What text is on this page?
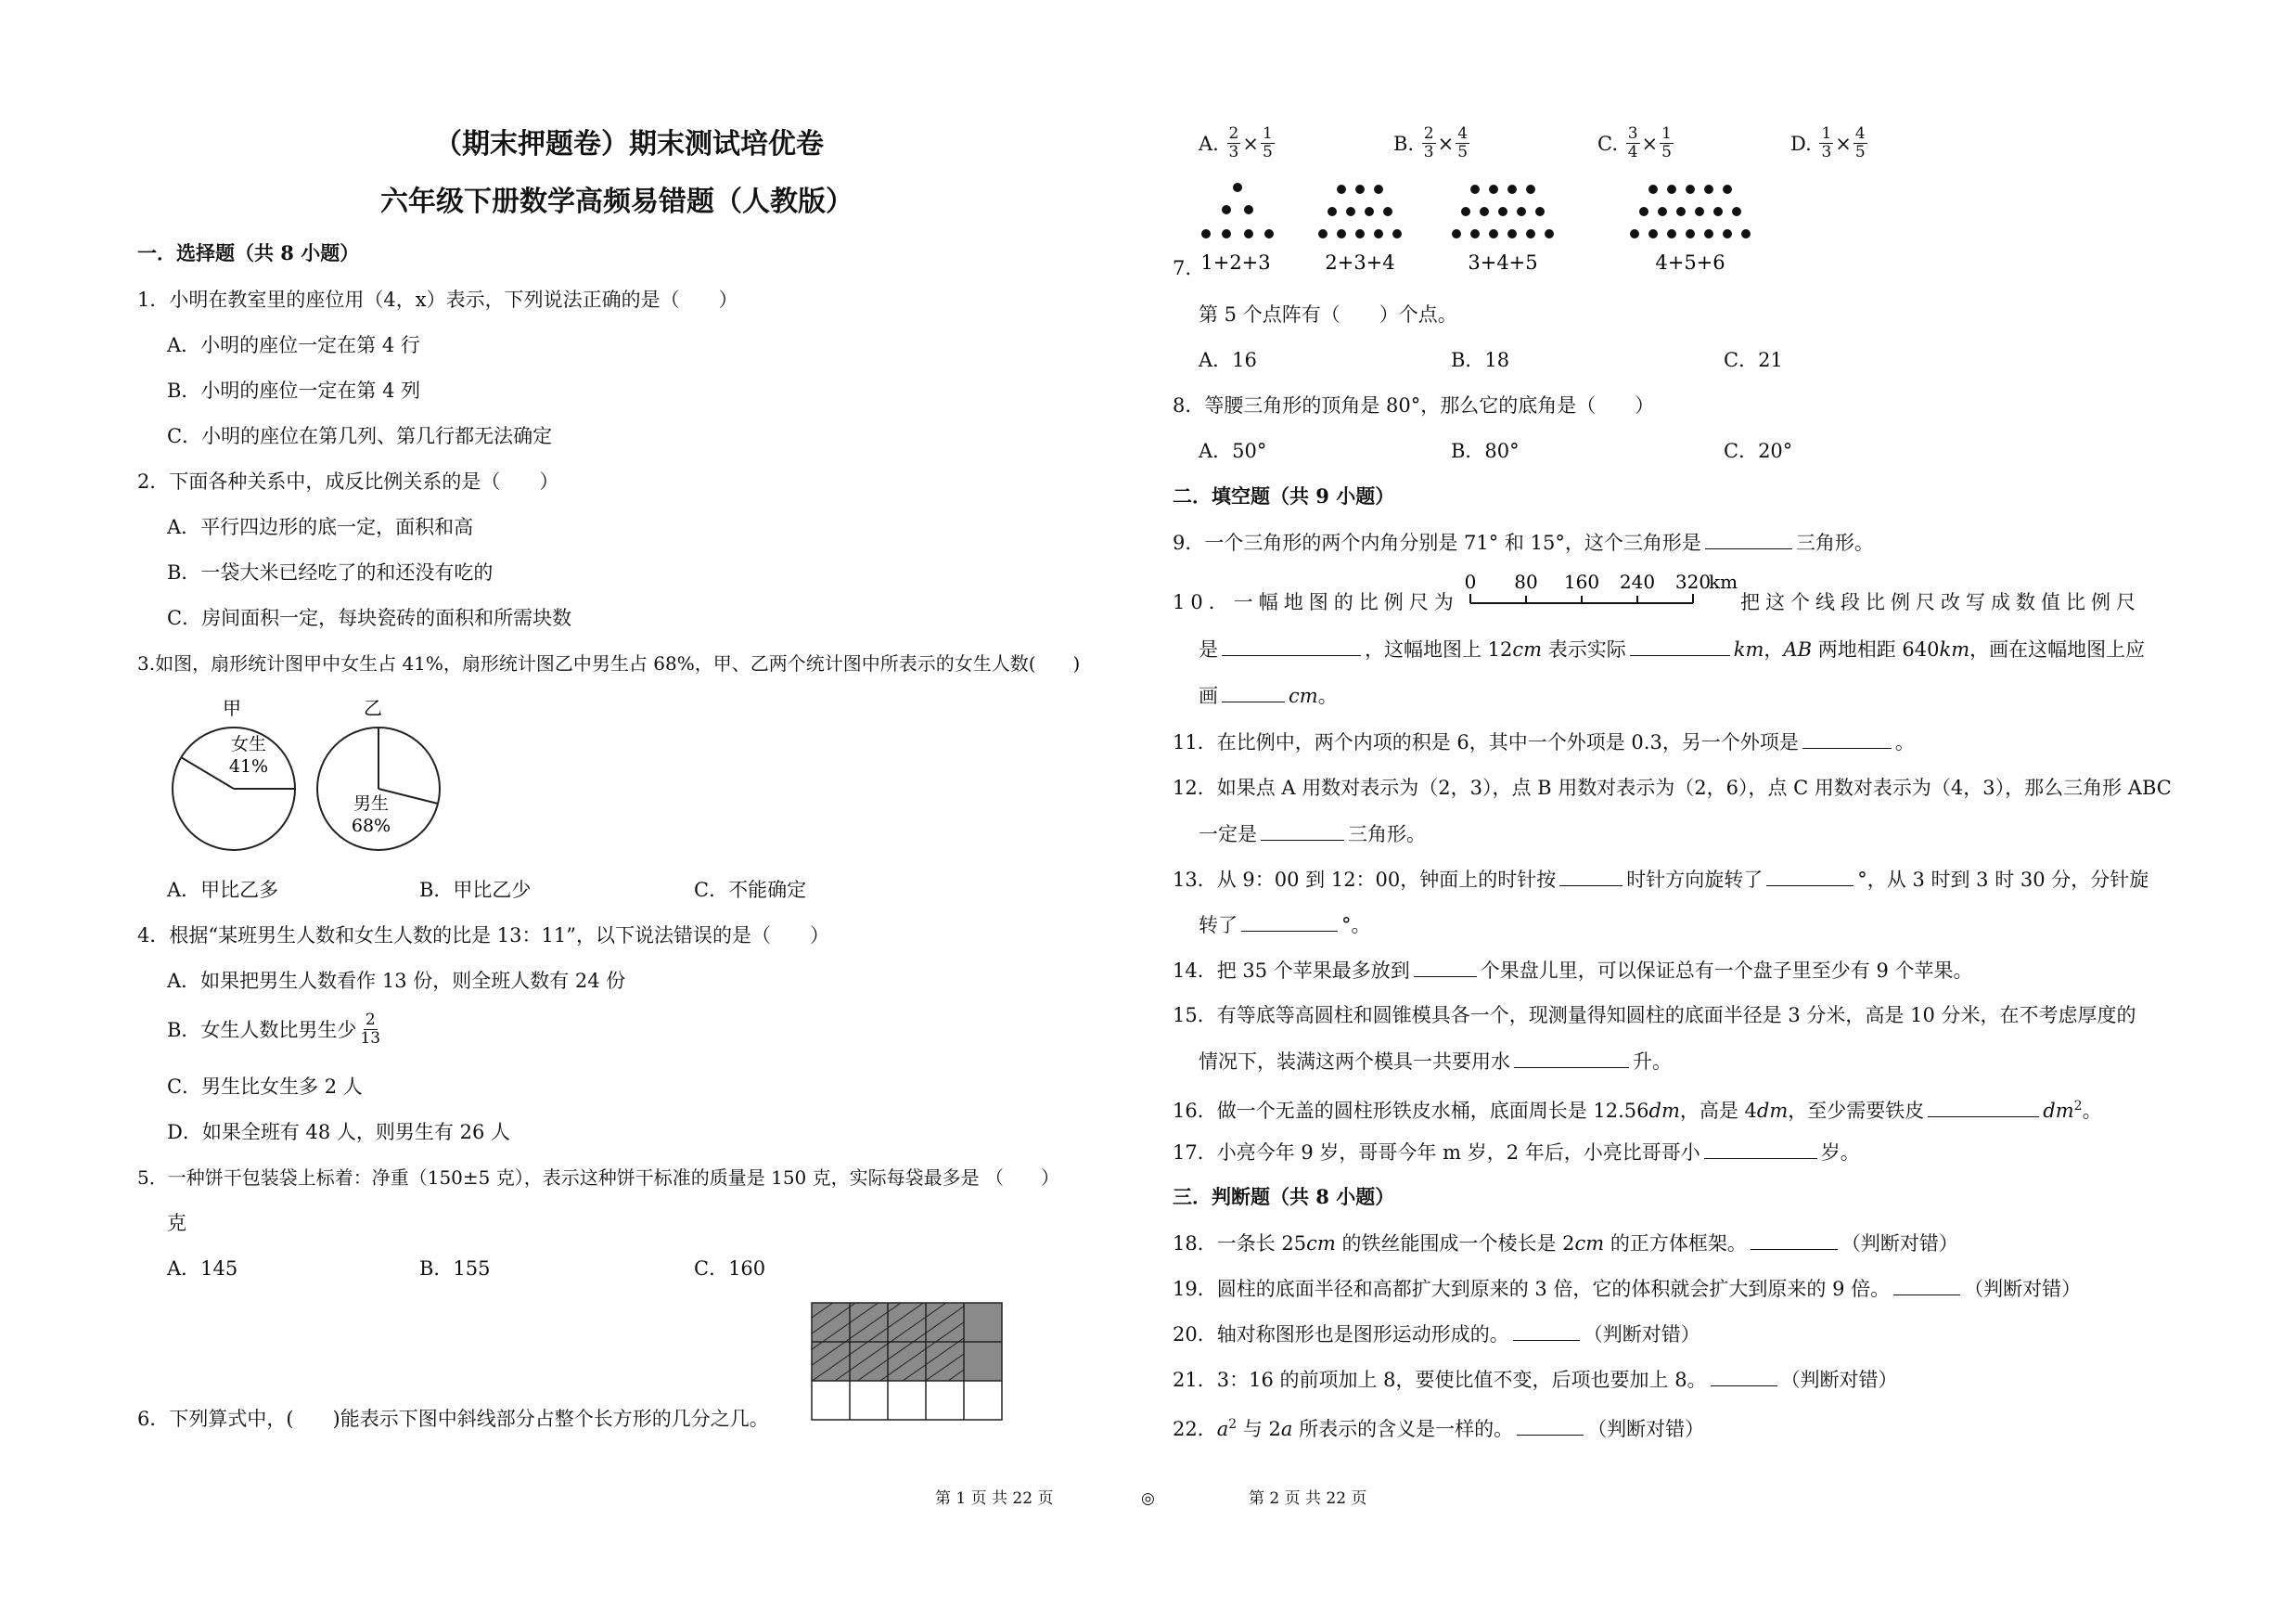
（期末押题卷）期末测试培优卷
六年级下册数学高频易错题（人教版）
一．选择题（共 8 小题）
1．小明在教室里的座位用（4，x）表示，下列说法正确的是（　　）
A．小明的座位一定在第 4 行
B．小明的座位一定在第 4 列
C．小明的座位在第几列、第几行都无法确定
2．下面各种关系中，成反比例关系的是（　　）
A．平行四边形的底一定，面积和高
B．一袋大米已经吃了的和还没有吃的
C．房间面积一定，每块瓷砖的面积和所需块数
3.如图，扇形统计图甲中女生占 41%，扇形统计图乙中男生占 68%，甲、乙两个统计图中所表示的女生人数(　　)
甲	乙
女生
41%
男生
68%
A．甲比乙多	B．甲比乙少	C．不能确定
4．根据“某班男生人数和女生人数的比是 13：11”，以下说法错误的是（　　）
A．如果把男生人数看作 13 份，则全班人数有 24 份
B．女生人数比男生少 $\frac{2}{13}$
C．男生比女生多 2 人
D．如果全班有 48 人，则男生有 26 人
5．一种饼干包装袋上标着：净重（150±5 克），表示这种饼干标准的质量是 150 克，实际每袋最多是 （　　）
克
A．145	B．155	C．160
6．下列算式中，(　　)能表示下图中斜线部分占整个长方形的几分之几。
A.
$\frac{2}{3} \times \frac{1}{5}$	B.
$\frac{2}{3} \times \frac{4}{5}$	C.
$\frac{3}{4} \times \frac{1}{5}$	D.
$\frac{1}{3} \times \frac{4}{5}$
1+2+3	2+3+4	3+4+5	4+5+6
7.
第 5 个点阵有（　　）个点。
A．16	B．18	C．21
8．等腰三角形的顶角是 80°，那么它的底角是（　　）
A．50°	B．80°	C．20°
二．填空题（共 9 小题）
9．一个三角形的两个内角分别是 71° 和 15°，这个三角形是	三角形。
10．一幅地图的比例尺为
0 80 160 240 320
km
把这个线段比例尺改写成数值比例尺
是	，这幅地图上 12cm 表示实际	km，AB 两地相距 640km，画在这幅地图上应
画	cm。
11．在比例中，两个内项的积是 6，其中一个外项是 0.3，另一个外项是	。
12．如果点 A 用数对表示为（2，3），点 B 用数对表示为（2，6），点 C 用数对表示为（4，3），那么三角形 ABC
一定是	三角形。
13．从 9：00 到 12：00，钟面上的时针按	时针方向旋转了	°，从 3 时到 3 时 30 分，分针旋
转了	°。
14．把 35 个苹果最多放到	个果盘儿里，可以保证总有一个盘子里至少有 9 个苹果。
15．有等底等高圆柱和圆锥模具各一个，现测量得知圆柱的底面半径是 3 分米，高是 10 分米，在不考虑厚度的
情况下，装满这两个模具一共要用水	升。
16．做一个无盖的圆柱形铁皮水桶，底面周长是 12.56dm，高是 4dm，至少需要铁皮	$dm^2$。
17．小亮今年 9 岁，哥哥今年 m 岁，2 年后，小亮比哥哥小	岁。
三．判断题（共 8 小题）
18．一条长 25cm 的铁丝能围成一个棱长是 2cm 的正方体框架。	（判断对错）
19．圆柱的底面半径和高都扩大到原来的 3 倍，它的体积就会扩大到原来的 9 倍。	（判断对错）
20．轴对称图形也是图形运动形成的。	（判断对错）
21．3：16 的前项加上 8，要使比值不变，后项也要加上 8。	（判断对错）
22．$a^2$ 与 2a 所表示的含义是一样的。	（判断对错）
第 1 页 共 22 页	◎	第 2 页 共 22 页
